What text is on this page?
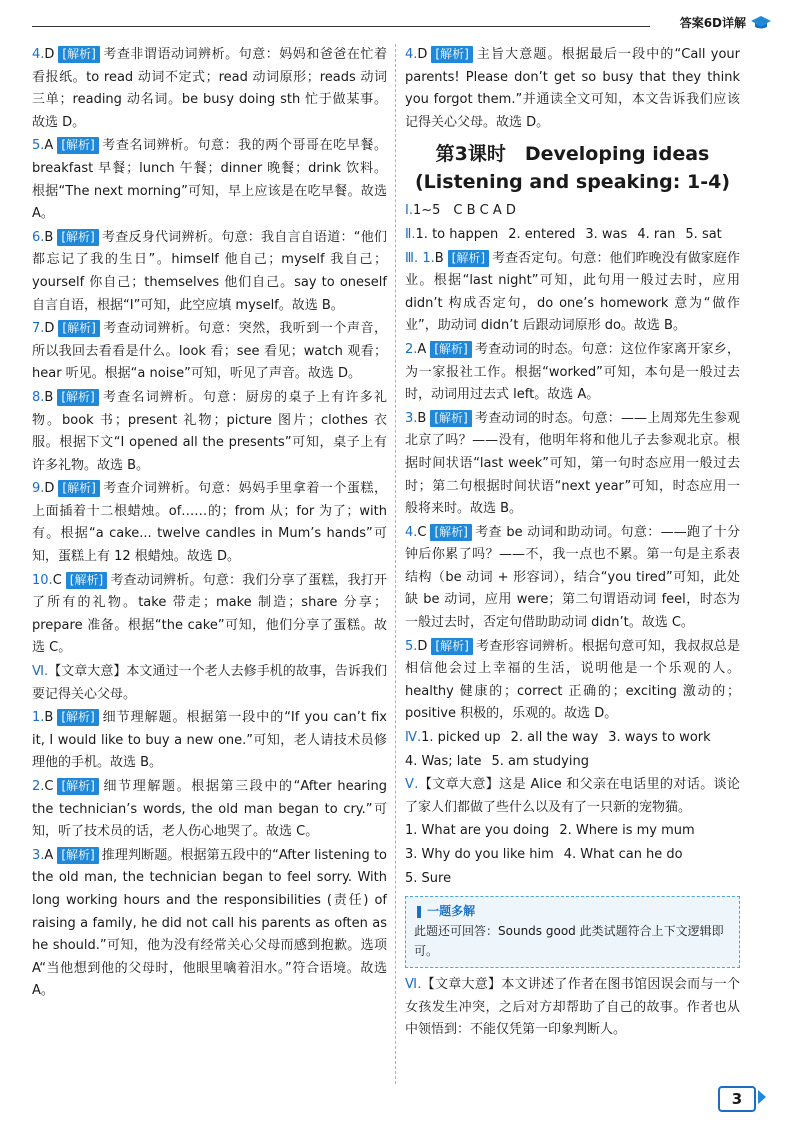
答案6D详解
4.D [解析] 考查非谓语动词辨析。句意：妈妈和爸爸在忙着看报纸。to read 动词不定式；read 动词原形；reads 动词三单；reading 动名词。be busy doing sth 忙于做某事。故选 D。
5.A [解析] 考查名词辨析。句意：我的两个哥哥在吃早餐。breakfast 早餐；lunch 午餐；dinner 晚餐；drink 饮料。根据“The next morning”可知，早上应该是在吃早餐。故选 A。
6.B [解析] 考查反身代词辨析。句意：我自言自语道：“他们都忘记了我的生日”。himself 他自己；myself 我自己；yourself 你自己；themselves 他们自己。say to oneself 自言自语，根据“I”可知，此空应填 myself。故选 B。
7.D [解析] 考查动词辨析。句意：突然，我听到一个声音，所以我回去看看是什么。look 看；see 看见；watch 观看；hear 听见。根据“a noise”可知，听见了声音。故选 D。
8.B [解析] 考查名词辨析。句意：厨房的桌子上有许多礼物。book 书；present 礼物；picture 图片；clothes 衣服。根据下文“I opened all the presents”可知，桌子上有许多礼物。故选 B。
9.D [解析] 考查介词辨析。句意：妈妈手里拿着一个蛋糕，上面插着十二根蜡烛。of……的；from 从；for 为了；with 有。根据“a cake... twelve candles in Mum’s hands”可知，蛋糕上有 12 根蜡烛。故选 D。
10.C [解析] 考查动词辨析。句意：我们分享了蛋糕，我打开了所有的礼物。take 带走；make 制造；share 分享；prepare 准备。根据“the cake”可知，他们分享了蛋糕。故选 C。
Ⅵ.【文章大意】本文通过一个老人去修手机的故事，告诉我们要记得关心父母。
1.B [解析] 细节理解题。根据第一段中的“If you can’t fix it, I would like to buy a new one.”可知，老人请技术员修理他的手机。故选 B。
2.C [解析] 细节理解题。根据第三段中的“After hearing the technician’s words, the old man began to cry.”可知，听了技术员的话，老人伤心地哭了。故选 C。
3.A [解析] 推理判断题。根据第五段中的“After listening to the old man, the technician began to feel sorry. With long working hours and the responsibilities (责任) of raising a family, he did not call his parents as often as he should.”可知，他为没有经常关心父母而感到抱歉。选项 A“当他想到他的父母时，他眼里噙着泪水。”符合语境。故选 A。
4.D [解析] 主旨大意题。根据最后一段中的“Call your parents! Please don’t get so busy that they think you forgot them.”并通读全文可知，本文告诉我们应该记得关心父母。故选 D。
第3课时　Developing ideas
(Listening and speaking: 1-4)
Ⅰ.1~5　C B C A D
Ⅱ.1. to happen 2. entered 3. was 4. ran 5. sat
Ⅲ. 1.B [解析] 考查否定句。句意：他们昨晚没有做家庭作业。根据“last night”可知，此句用一般过去时，应用 didn’t 构成否定句，do one’s homework 意为“做作业”，助动词 didn’t 后跟动词原形 do。故选 B。
2.A [解析] 考查动词的时态。句意：这位作家离开家乡，为一家报社工作。根据“worked”可知，本句是一般过去时，动词用过去式 left。故选 A。
3.B [解析] 考查动词的时态。句意：——上周郑先生参观北京了吗？——没有，他明年将和他儿子去参观北京。根据时间状语“last week”可知，第一句时态应用一般过去时；第二句根据时间状语“next year”可知，时态应用一般将来时。故选 B。
4.C [解析] 考查 be 动词和助动词。句意：——跑了十分钟后你累了吗？——不，我一点也不累。第一句是主系表结构（be 动词 + 形容词），结合“you tired”可知，此处缺 be 动词，应用 were；第二句谓语动词 feel，时态为一般过去时，否定句借助助动词 didn’t。故选 C。
5.D [解析] 考查形容词辨析。根据句意可知，我叔叔总是相信他会过上幸福的生活，说明他是一个乐观的人。healthy 健康的；correct 正确的；exciting 激动的；positive 积极的，乐观的。故选 D。
Ⅳ.1. picked up 2. all the way 3. ways to work
4. Was; late 5. am studying
Ⅴ.【文章大意】这是 Alice 和父亲在电话里的对话。谈论了家人们都做了些什么以及有了一只新的宠物猫。
1. What are you doing 2. Where is my mum
3. Why do you like him 4. What can he do
5. Sure
❚ 一题多解
此题还可回答：Sounds good 此类试题符合上下文逻辑即可。
Ⅵ.【文章大意】本文讲述了作者在图书馆因误会而与一个女孩发生冲突，之后对方却帮助了自己的故事。作者也从中领悟到：不能仅凭第一印象判断人。
3
